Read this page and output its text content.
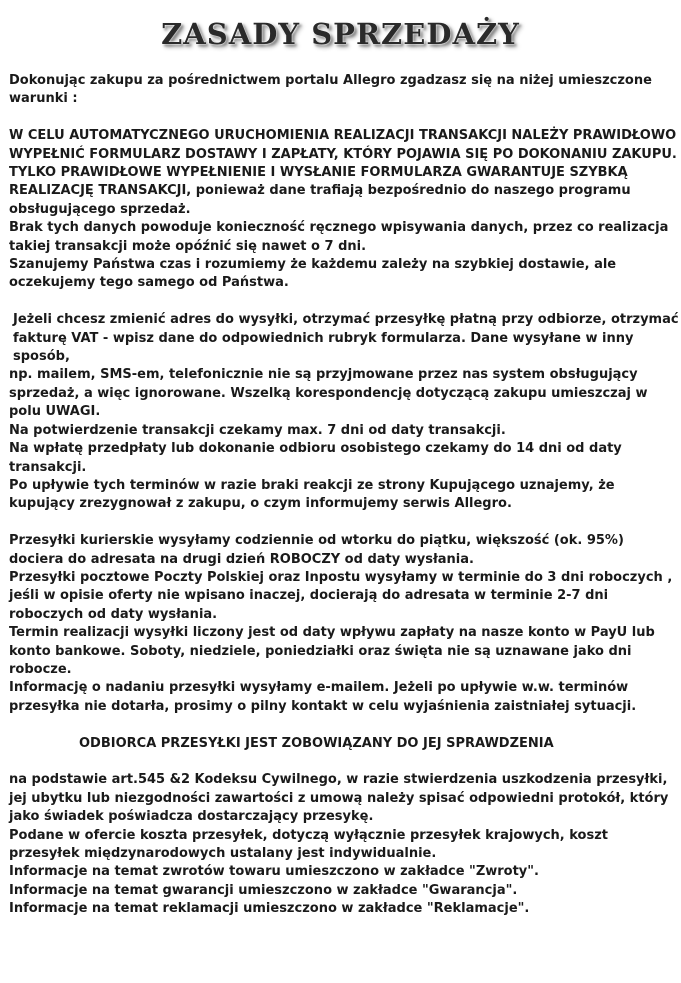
ZASADY SPRZEDAŻY

Dokonując zakupu za pośrednictwem portalu Allegro zgadzasz się na niżej umieszczone warunki :

W CELU AUTOMATYCZNEGO URUCHOMIENIA REALIZACJI TRANSAKCJI NALEŻY PRAWIDŁOWO WYPEŁNIĆ FORMULARZ DOSTAWY I ZAPŁATY, KTÓRY POJAWIA SIĘ PO DOKONANIU ZAKUPU. TYLKO PRAWIDŁOWE WYPEŁNIENIE I WYSŁANIE FORMULARZA GWARANTUJE SZYBKĄ REALIZACJĘ TRANSAKCJI, ponieważ dane trafiają bezpośrednio do naszego programu obsługującego sprzedaż.

Brak tych danych powoduje konieczność ręcznego wpisywania danych, przez co realizacja takiej transakcji może opóźnić się nawet o 7 dni.

Szanujemy Państwa czas i rozumiemy że każdemu zależy na szybkiej dostawie, ale oczekujemy tego samego od Państwa.

Jeżeli chcesz zmienić adres do wysyłki, otrzymać przesyłkę płatną przy odbiorze, otrzymać fakturę VAT - wpisz dane do odpowiednich rubryk formularza. Dane wysyłane w inny sposób,

np. mailem, SMS-em, telefonicznie nie są przyjmowane przez nas system obsługujący sprzedaż, a więc ignorowane. Wszelką korespondencję dotyczącą zakupu umieszczaj w polu UWAGI.

Na potwierdzenie transakcji czekamy max. 7 dni od daty transakcji.

Na wpłatę przedpłaty lub dokonanie odbioru osobistego czekamy do 14 dni od daty transakcji.

Po upływie tych terminów w razie braki reakcji ze strony Kupującego uznajemy, że kupujący zrezygnował z zakupu, o czym informujemy serwis Allegro.

Przesyłki kurierskie wysyłamy codziennie od wtorku do piątku, większość (ok. 95%) dociera do adresata na drugi dzień ROBOCZY od daty wysłania.

Przesyłki pocztowe Poczty Polskiej oraz Inpostu wysyłamy w terminie do 3 dni roboczych , jeśli w opisie oferty nie wpisano inaczej, docierają do adresata w terminie 2-7 dni roboczych od daty wysłania.

Termin realizacji wysyłki liczony jest od daty wpływu zapłaty na nasze konto w PayU lub konto bankowe. Soboty, niedziele, poniedziałki oraz święta nie są uznawane jako dni robocze.

Informację o nadaniu przesyłki wysyłamy e-mailem. Jeżeli po upływie w.w. terminów przesyłka nie dotarła, prosimy o pilny kontakt w celu wyjaśnienia zaistniałej sytuacji.

ODBIORCA PRZESYŁKI JEST ZOBOWIĄZANY DO JEJ SPRAWDZENIA

na podstawie art.545 &2 Kodeksu Cywilnego, w razie stwierdzenia uszkodzenia przesyłki, jej ubytku lub niezgodności zawartości z umową należy spisać odpowiedni protokół, który jako świadek poświadcza dostarczający przesykę.

Podane w ofercie koszta przesyłek, dotyczą wyłącznie przesyłek krajowych, koszt przesyłek międzynarodowych ustalany jest indywidualnie.

Informacje na temat zwrotów towaru umieszczono w zakładce "Zwroty".

Informacje na temat gwarancji umieszczono w zakładce "Gwarancja".

Informacje na temat reklamacji umieszczono w zakładce "Reklamacje".
